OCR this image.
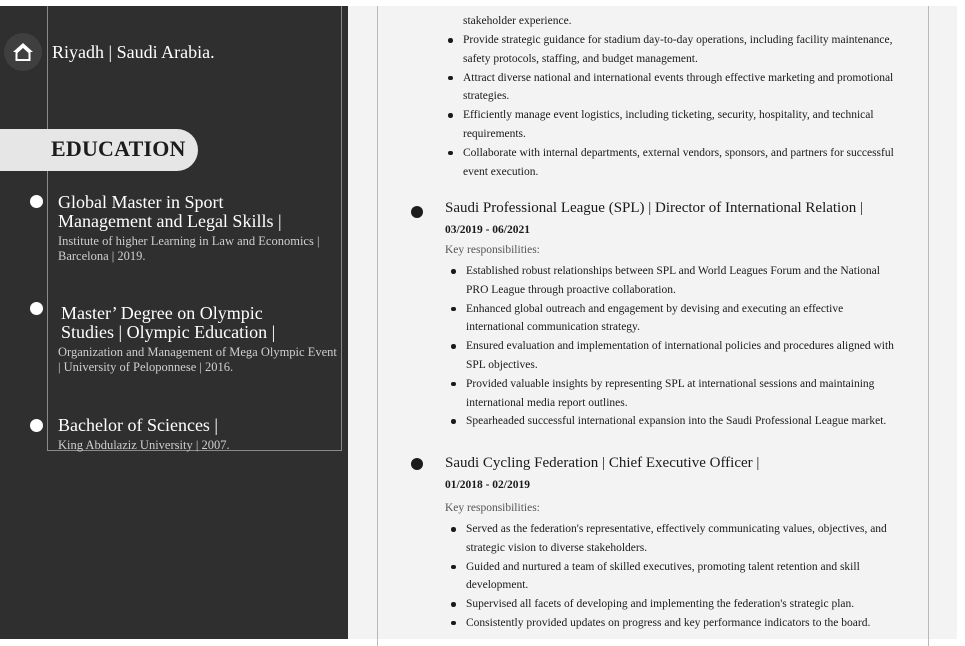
Riyadh | Saudi Arabia.
EDUCATION
Global Master in Sport
Management and Legal Skills |
Institute of higher Learning in Law and Economics |
Barcelona | 2019.
Master’ Degree on Olympic
Studies | Olympic Education |
Organization and Management of Mega Olympic Event
| University of Peloponnese | 2016.
Bachelor of Sciences |
King Abdulaziz University | 2007.
stakeholder experience.
Provide strategic guidance for stadium day-to-day operations, including facility maintenance,
safety protocols, staffing, and budget management.
Attract diverse national and international events through effective marketing and promotional
strategies.
Efficiently manage event logistics, including ticketing, security, hospitality, and technical
requirements.
Collaborate with internal departments, external vendors, sponsors, and partners for successful
event execution.
Saudi Professional League (SPL) | Director of International Relation |
03/2019 - 06/2021
Key responsibilities:
Established robust relationships between SPL and World Leagues Forum and the National
PRO League through proactive collaboration.
Enhanced global outreach and engagement by devising and executing an effective
international communication strategy.
Ensured evaluation and implementation of international policies and procedures aligned with
SPL objectives.
Provided valuable insights by representing SPL at international sessions and maintaining
international media report outlines.
Spearheaded successful international expansion into the Saudi Professional League market.
Saudi Cycling Federation | Chief Executive Officer |
01/2018 - 02/2019
Key responsibilities:
Served as the federation's representative, effectively communicating values, objectives, and
strategic vision to diverse stakeholders.
Guided and nurtured a team of skilled executives, promoting talent retention and skill
development.
Supervised all facets of developing and implementing the federation's strategic plan.
Consistently provided updates on progress and key performance indicators to the board.
